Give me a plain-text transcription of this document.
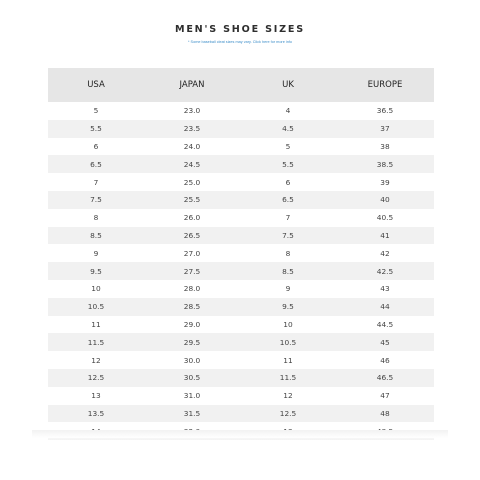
MEN'S SHOE SIZES
* Some baseball cleat sizes may vary. Click here for more info
USA	JAPAN	UK	EUROPE
5	23.0	4	36.5
5.5	23.5	4.5	37
6	24.0	5	38
6.5	24.5	5.5	38.5
7	25.0	6	39
7.5	25.5	6.5	40
8	26.0	7	40.5
8.5	26.5	7.5	41
9	27.0	8	42
9.5	27.5	8.5	42.5
10	28.0	9	43
10.5	28.5	9.5	44
11	29.0	10	44.5
11.5	29.5	10.5	45
12	30.0	11	46
12.5	30.5	11.5	46.5
13	31.0	12	47
13.5	31.5	12.5	48
